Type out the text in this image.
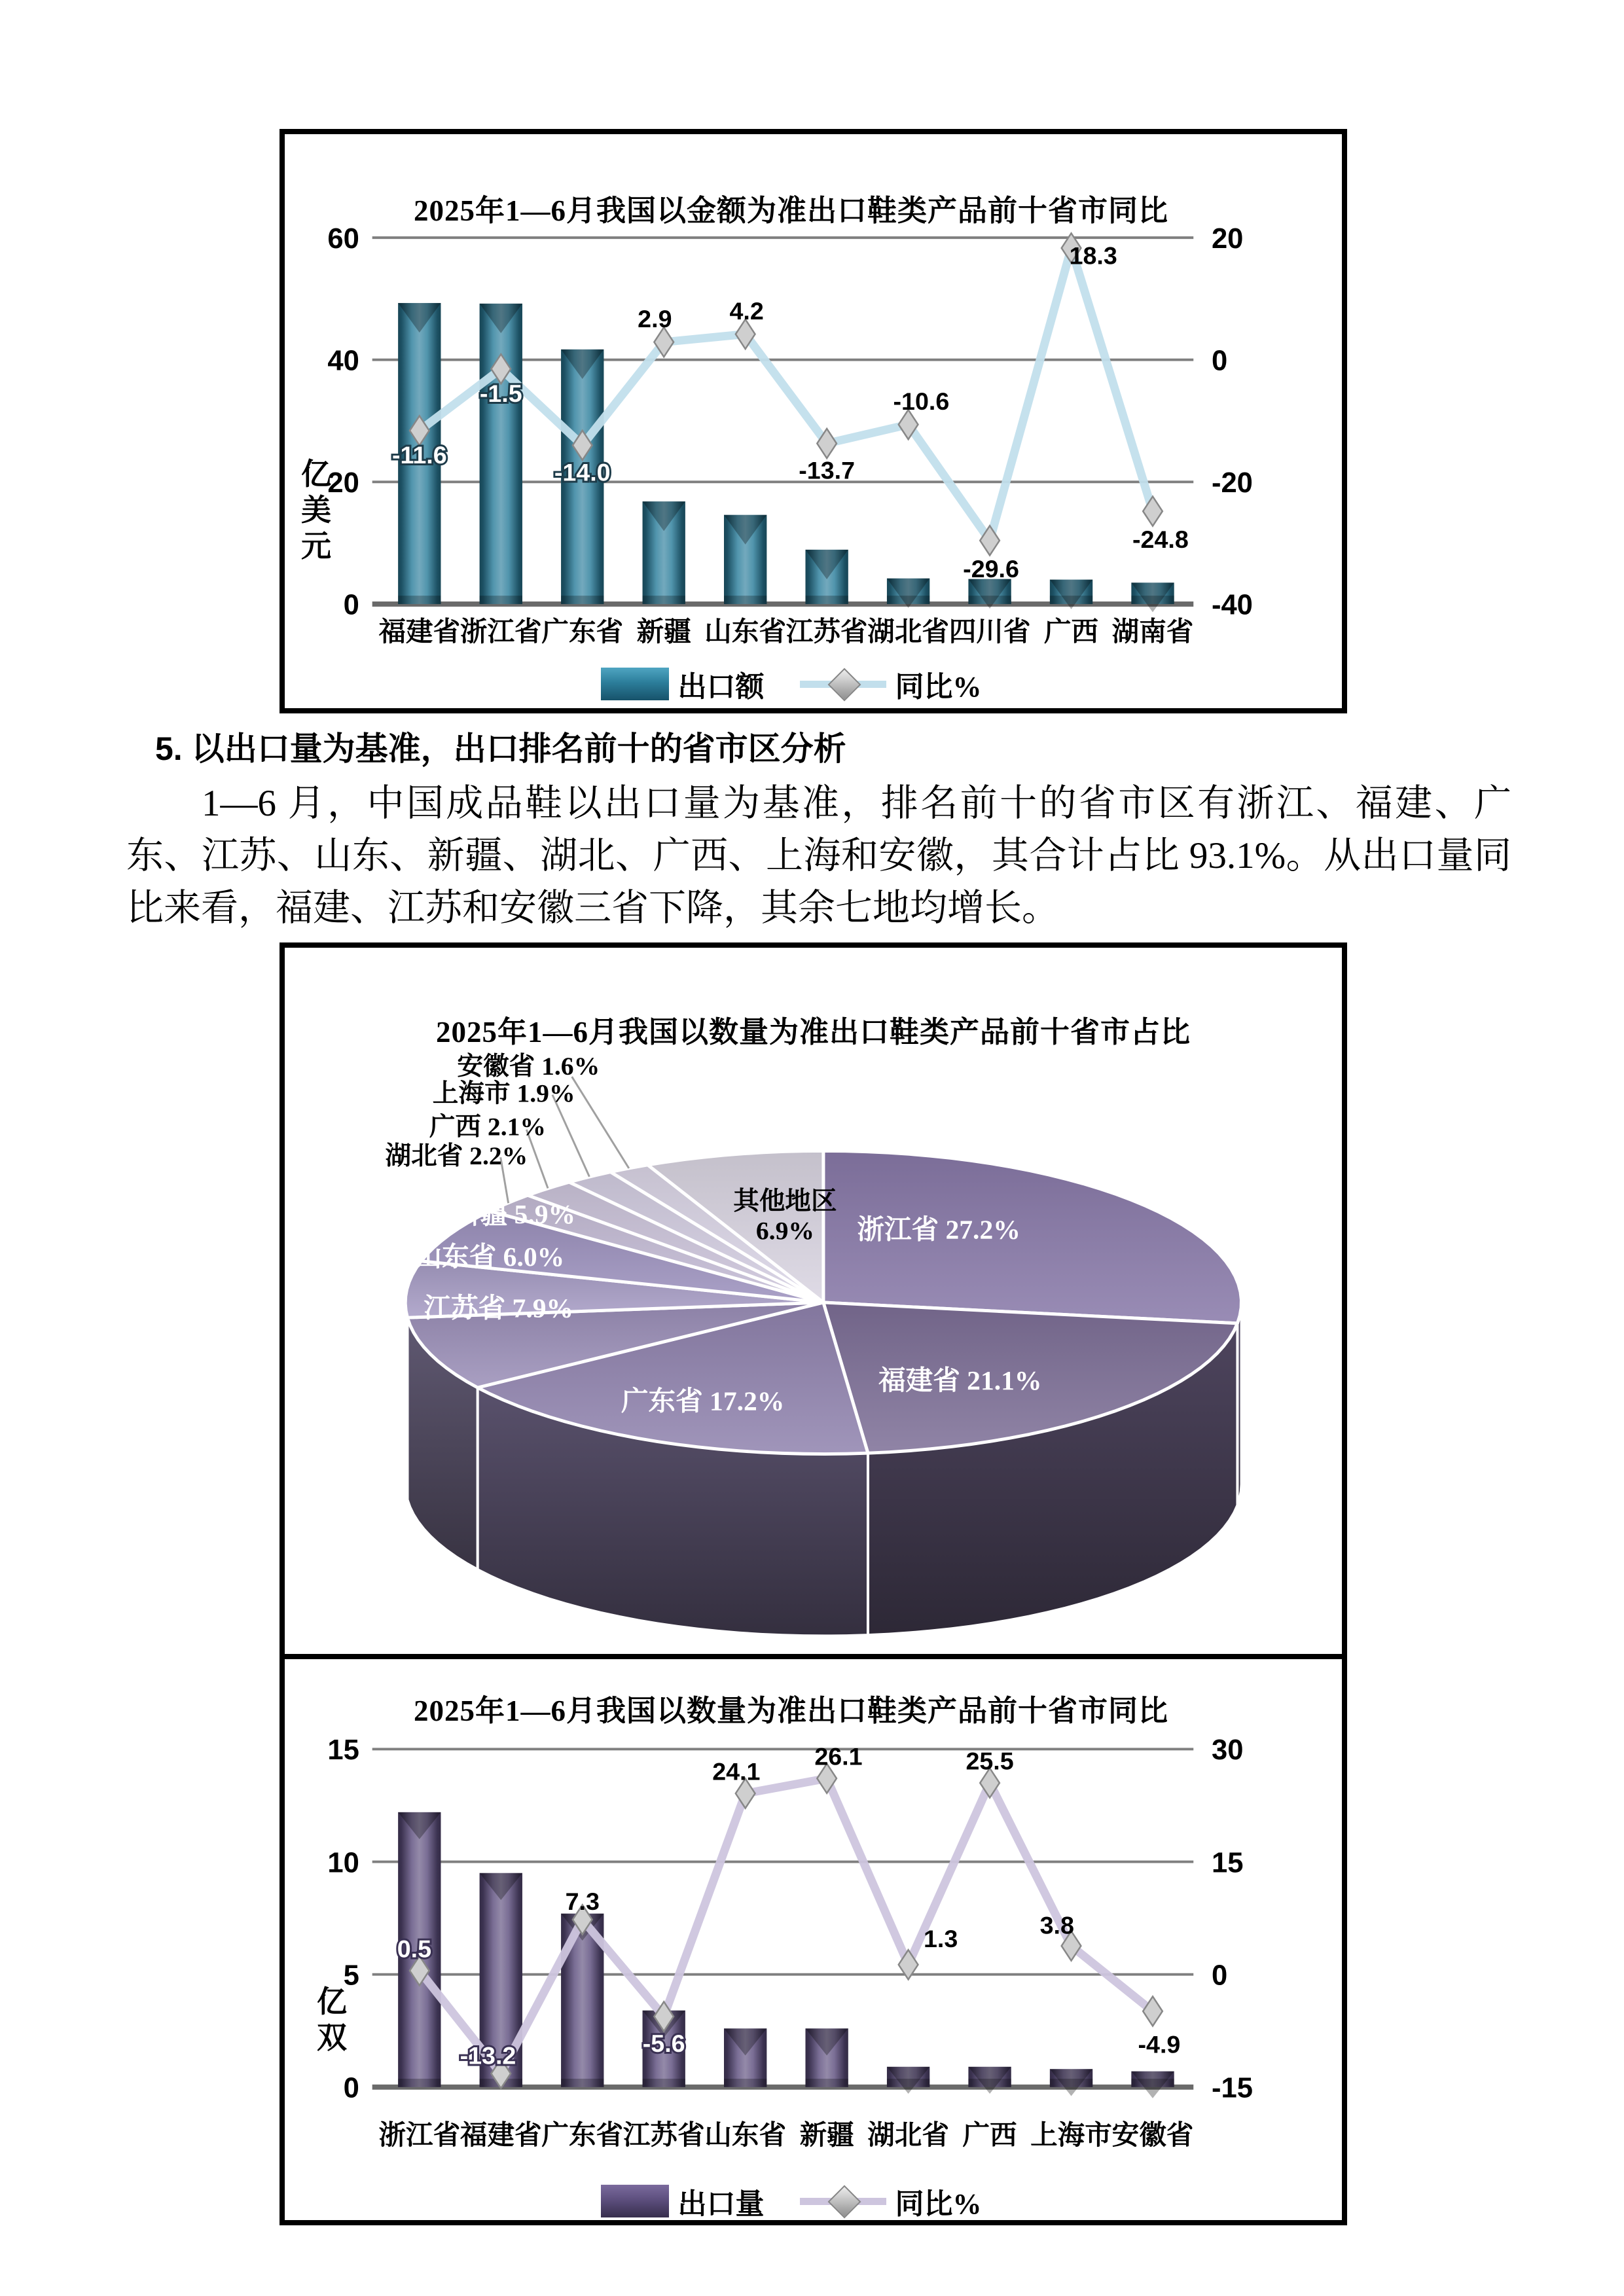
2025年1—6月我国以金额为准出口鞋类产品前十省市同比
亿
美
元
60	20
40	0
20	-20
0	-40
福建省 浙江省 广东省 新疆 山东省 江苏省 湖北省 四川省 广西 湖南省
-11.6
-1.5
-14.0
2.9 4.2
-13.7
-10.6
-29.6
18.3
-24.8
出口额	同比%
5. 以出口量为基准，出口排名前十的省市区分析

1—6 月，中国成品鞋以出口量为基准，排名前十的省市区有浙江、福建、广东、江苏、山东、新疆、湖北、广西、上海和安徽，其合计占比 93.1%。从出口量同比来看，福建、江苏和安徽三省下降，其余七地均增长。

2025年1—6月我国以数量为准出口鞋类产品前十省市占比
浙江省 27.2%
福建省 21.1%
广东省 17.2%
江苏省 7.9%
山东省 6.0%
新疆 5.9%
湖北省 2.2%
广西 2.1%
上海市 1.9%
安徽省 1.6%
其他地区
6.9%
2025年1—6月我国以数量为准出口鞋类产品前十省市同比
亿
双
15	30
10	15
5	0
0	-15
浙江省 福建省 广东省 江苏省 山东省 新疆 湖北省 广西 上海市 安徽省
0.5
-13.2
7.3
-5.6
24.1
26.1
1.3
25.5
3.8
-4.9
出口量	同比%
